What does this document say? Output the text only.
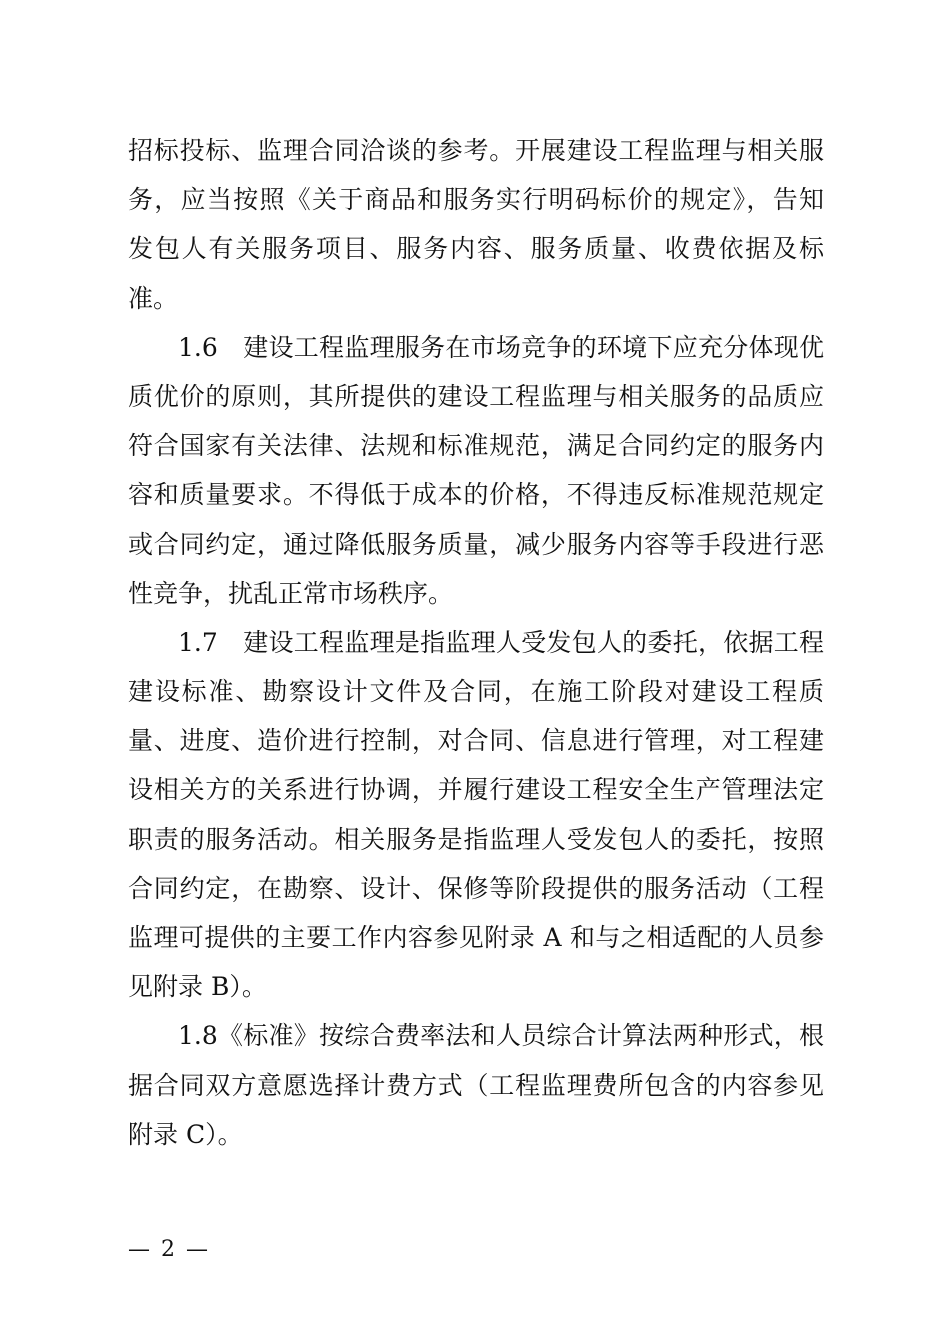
招标投标、监理合同洽谈的参考。开展建设工程监理与相关服
务，应当按照《关于商品和服务实行明码标价的规定》，告知
发包人有关服务项目、服务内容、服务质量、收费依据及标
准。
1.6　建设工程监理服务在市场竞争的环境下应充分体现优
质优价的原则，其所提供的建设工程监理与相关服务的品质应
符合国家有关法律、法规和标准规范，满足合同约定的服务内
容和质量要求。不得低于成本的价格，不得违反标准规范规定
或合同约定，通过降低服务质量，减少服务内容等手段进行恶
性竞争，扰乱正常市场秩序。
1.7　建设工程监理是指监理人受发包人的委托，依据工程
建设标准、勘察设计文件及合同，在施工阶段对建设工程质
量、进度、造价进行控制，对合同、信息进行管理，对工程建
设相关方的关系进行协调，并履行建设工程安全生产管理法定
职责的服务活动。相关服务是指监理人受发包人的委托，按照
合同约定，在勘察、设计、保修等阶段提供的服务活动（工程
监理可提供的主要工作内容参见附录 A 和与之相适配的人员参
见附录 B）。
1.8《标准》按综合费率法和人员综合计算法两种形式，根
据合同双方意愿选择计费方式（工程监理费所包含的内容参见
附录 C）。
— 2 —
